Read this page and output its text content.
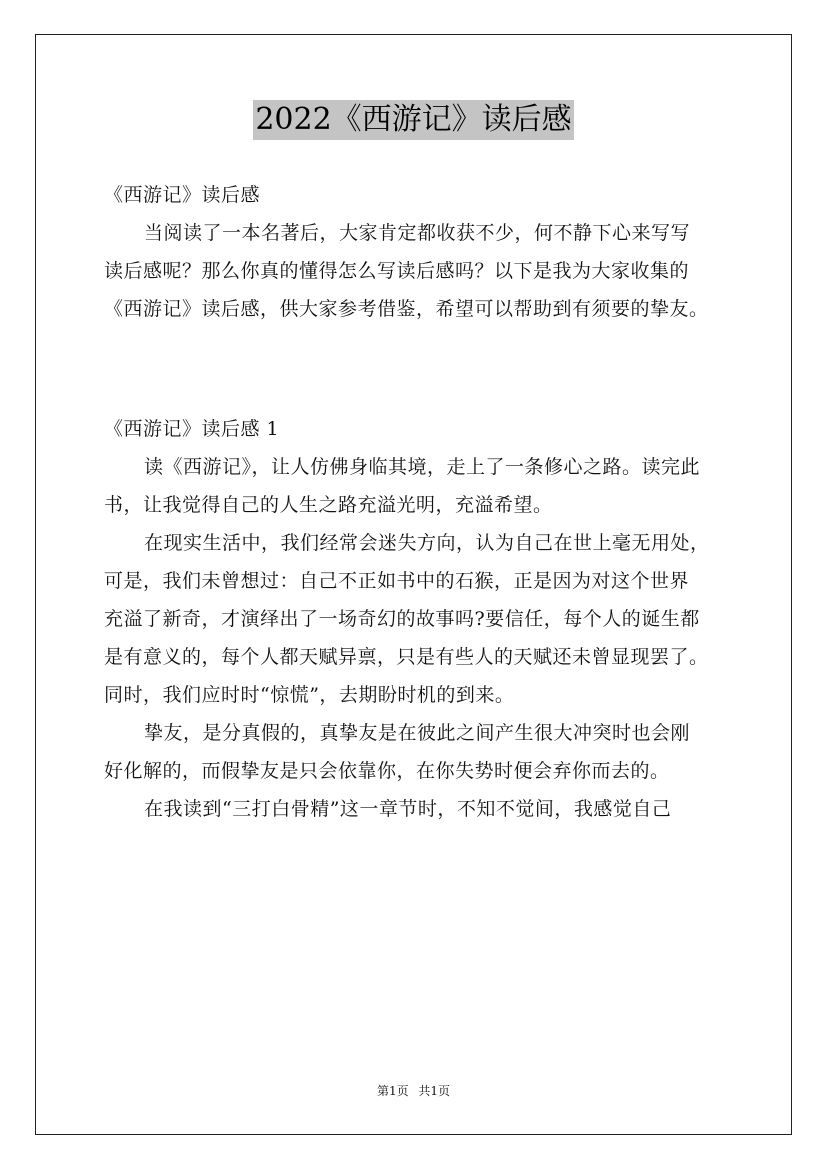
2022《西游记》读后感
《西游记》读后感
当阅读了一本名著后，大家肯定都收获不少，何不静下心来写写
读后感呢？那么你真的懂得怎么写读后感吗？以下是我为大家收集的
《西游记》读后感，供大家参考借鉴，希望可以帮助到有须要的挚友。
《西游记》读后感 1
读《西游记》，让人仿佛身临其境，走上了一条修心之路。读完此
书，让我觉得自己的人生之路充溢光明，充溢希望。
在现实生活中，我们经常会迷失方向，认为自己在世上毫无用处，
可是，我们未曾想过：自己不正如书中的石猴，正是因为对这个世界
充溢了新奇，才演绎出了一场奇幻的故事吗?要信任，每个人的诞生都
是有意义的，每个人都天赋异禀，只是有些人的天赋还未曾显现罢了。
同时，我们应时时“惊慌”，去期盼时机的到来。
挚友，是分真假的，真挚友是在彼此之间产生很大冲突时也会刚
好化解的，而假挚友是只会依靠你，在你失势时便会弃你而去的。
在我读到“三打白骨精”这一章节时，不知不觉间，我感觉自己
第1页 共1页
